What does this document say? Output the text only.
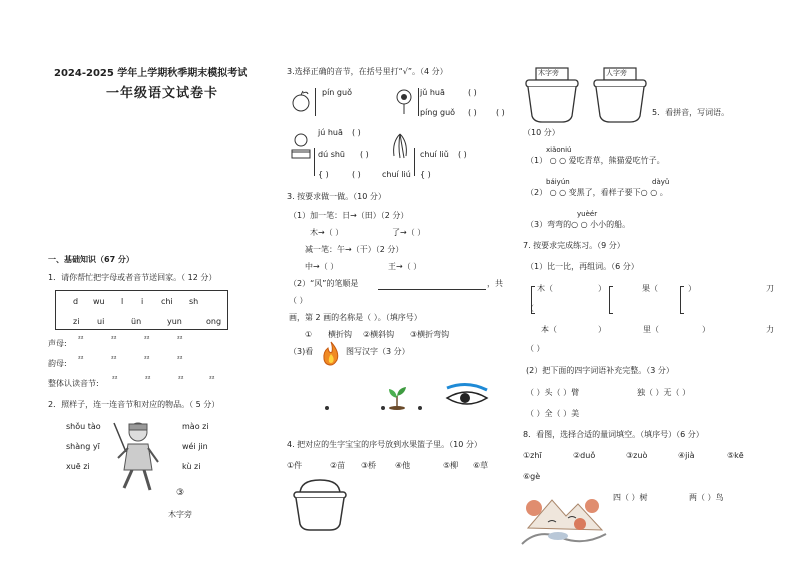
2024-2025 学年上学期秋季期末模拟考试
一年级语文试卷卡
一、基础知识（67 分）
1．请你帮忙把字母或者音节送回家。（ 12 分）
d wu l i chi sh
zi ui	ün	yun	ong
声母: ²²	²²	²²	²²
韵母: ²²	²²	²²	²²
整体认读音节: ²²	²²	²²	²²
2．照样子，连一连音节和对应的物品。（ 5 分）
shǒu tào
shàng yī
xuē zi
mào zi
wéi jin
kù zi
③
木字旁
3.选择正确的音节，在括号里打“√”。（4 分）
pín guǒ	jǔ huā	( )
píng guǒ ( ) ( )
jú huā ( )
dú shū ( )
{ )	( )
chuí liǔ ( )
chuí liú { )
3. 按要求做一做。（10 分）
（1）加一笔：日→（田）（2 分）
木→（ ）	了→（ ）
减一笔：午→（干）（2 分）
中→（ ）	王→（ ）
（2）“风”的笔顺是	，共
（ ）
画，第 2 画的名称是（ ）。（填序号）
① 横折钩 ②横斜钩 ③横折弯钩
（3)看	图写汉字（3 分）
4. 把对应的生字宝宝的序号放到水果篮子里。（10 分）
①件	②苗 ③桥 ④他	⑤柳 ⑥草
木字旁	人字旁
5．看拼音，写词语。
（10 分）
xiǎoniú
（1） ○ ○ 爱吃青草，熊猫爱吃竹子。
báiyún	dàyǔ
（2） ○ ○ 变黑了，看样子要下○ ○ 。
yuèér
（3）弯弯的○ ○ 小小的船。
7. 按要求完成练习。（9 分）
（1）比一比，再组词。（6 分）
木（	）	果（	）	刀
（
本（	）	里（	）	力
（ ）
(2）把下面的四字词语补充完整。（3 分）
（ ）头（ ）臂	独（ ）无（ ）
（ ）全（ ）美
8．看图，选择合适的量词填空。（填序号）（6 分）
①zhī	②duǒ	③zuò	④jià	⑤kē
⑥gè
四（ ）树	两（ ）鸟
